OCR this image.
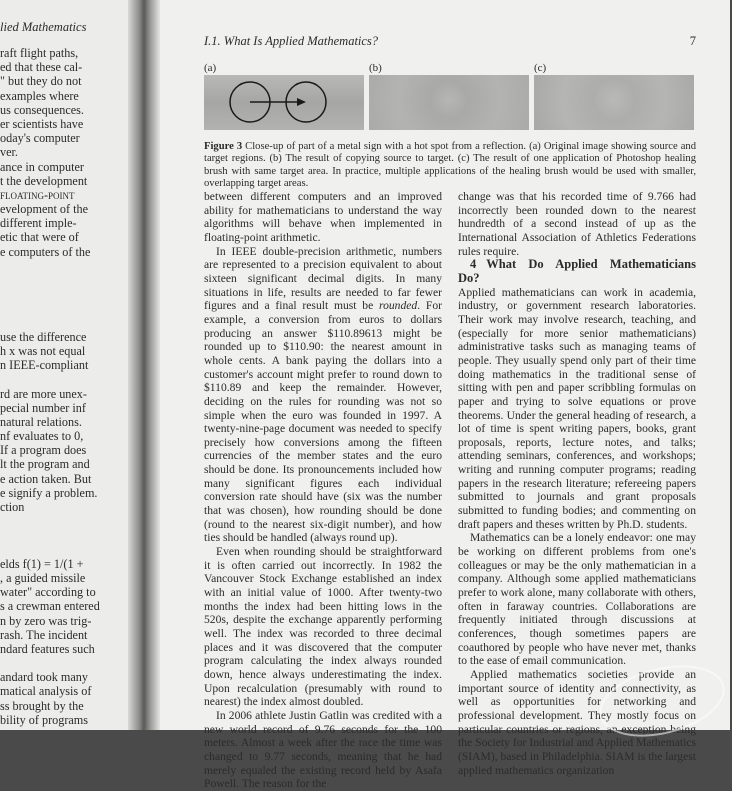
lied Mathematics
raft flight paths,
ed that these cal-
" but they do not
examples where
us consequences.
er scientists have
oday's computer
ver.
ance in computer
t the development
floating-point
evelopment of the
different imple-
etic that were of
e computers of the
use the difference
h x was not equal
n IEEE-compliant
rd are more unex-
pecial number inf
natural relations.
nf evaluates to 0,
If a program does
lt the program and
e action taken. But
e signify a problem.
ction
elds f(1) = 1/(1 +
, a guided missile
water" according to
s a crewman entered
n by zero was trig-
rash. The incident
ndard features such
andard took many
matical analysis of
ss brought by the
bility of programs
I.1. What Is Applied Mathematics?	7
(a)	(b)	(c)
Figure 3 Close-up of part of a metal sign with a hot spot from a reflection. (a) Original image showing source and target regions. (b) The result of copying source to target. (c) The result of one application of Photoshop healing brush with same target area. In practice, multiple applications of the healing brush would be used with smaller, overlapping target areas.

between different computers and an improved ability for mathematicians to understand the way algorithms will behave when implemented in floating-point arithmetic.

In IEEE double-precision arithmetic, numbers are represented to a precision equivalent to about sixteen significant decimal digits. In many situations in life, results are needed to far fewer figures and a final result must be rounded. For example, a conversion from euros to dollars producing an answer $110.89613 might be rounded up to $110.90: the nearest amount in whole cents. A bank paying the dollars into a customer's account might prefer to round down to $110.89 and keep the remainder. However, deciding on the rules for rounding was not so simple when the euro was founded in 1997. A twenty-nine-page document was needed to specify precisely how conversions among the fifteen currencies of the member states and the euro should be done. Its pronouncements included how many significant figures each individual conversion rate should have (six was the number that was chosen), how rounding should be done (round to the nearest six-digit number), and how ties should be handled (always round up).

Even when rounding should be straightforward it is often carried out incorrectly. In 1982 the Vancouver Stock Exchange established an index with an initial value of 1000. After twenty-two months the index had been hitting lows in the 520s, despite the exchange apparently performing well. The index was recorded to three decimal places and it was discovered that the computer program calculating the index always rounded down, hence always underestimating the index. Upon recalculation (presumably with round to nearest) the index almost doubled.

In 2006 athlete Justin Gatlin was credited with a new world record of 9.76 seconds for the 100 meters. Almost a week after the race the time was changed to 9.77 seconds, meaning that he had merely equaled the existing record held by Asafa Powell. The reason for the

change was that his recorded time of 9.766 had incorrectly been rounded down to the nearest hundredth of a second instead of up as the International Association of Athletics Federations rules require.

4 What Do Applied Mathematicians Do?

Applied mathematicians can work in academia, industry, or government research laboratories. Their work may involve research, teaching, and (especially for more senior mathematicians) administrative tasks such as managing teams of people. They usually spend only part of their time doing mathematics in the traditional sense of sitting with pen and paper scribbling formulas on paper and trying to solve equations or prove theorems. Under the general heading of research, a lot of time is spent writing papers, books, grant proposals, reports, lecture notes, and talks; attending seminars, conferences, and workshops; writing and running computer programs; reading papers in the research literature; refereeing papers submitted to journals and grant proposals submitted to funding bodies; and commenting on draft papers and theses written by Ph.D. students.

Mathematics can be a lonely endeavor: one may be working on different problems from one's colleagues or may be the only mathematician in a company. Although some applied mathematicians prefer to work alone, many collaborate with others, often in faraway countries. Collaborations are frequently initiated through discussions at conferences, though sometimes papers are coauthored by people who have never met, thanks to the ease of email communication.

Applied mathematics societies provide an important source of identity and connectivity, as well as opportunities for networking and professional development. They mostly focus on particular countries or regions, an exception being the Society for Industrial and Applied Mathematics (SIAM), based in Philadelphia. SIAM is the largest applied mathematics organization
